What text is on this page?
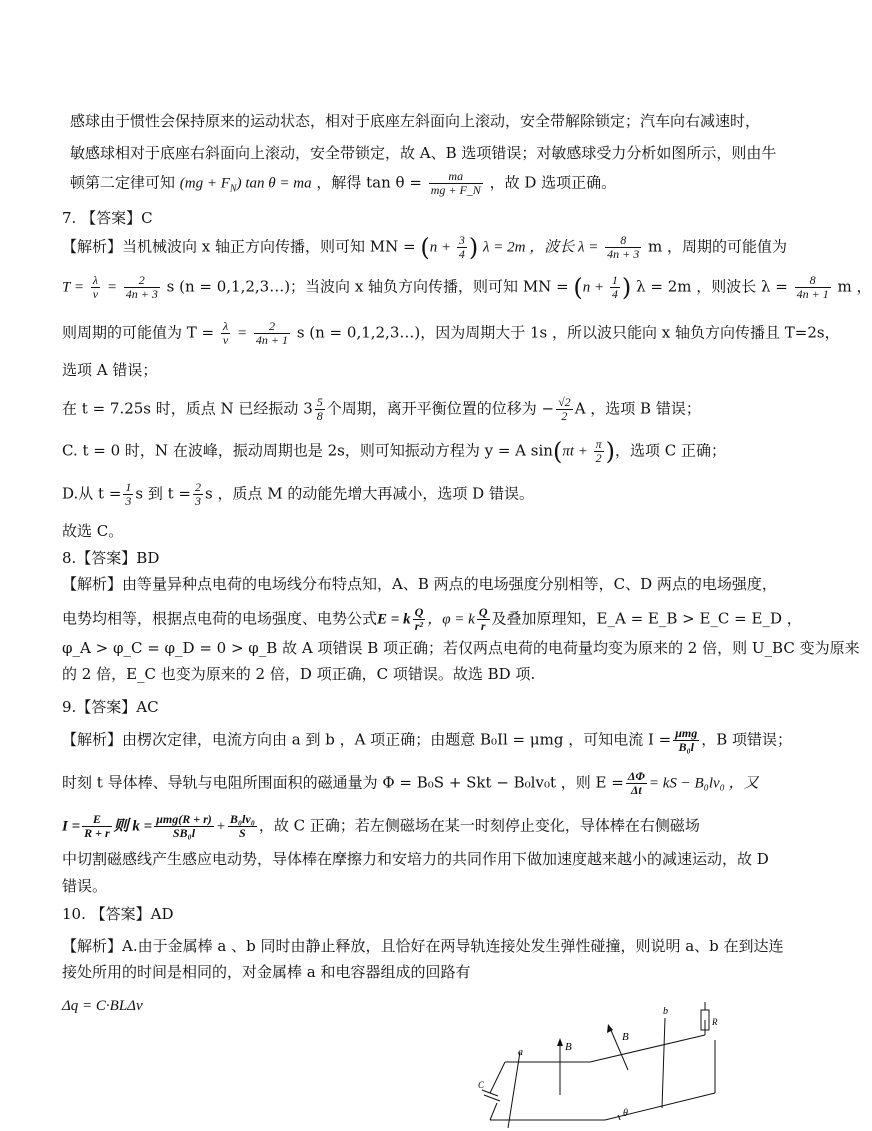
感球由于惯性会保持原来的运动状态，相对于底座左斜面向上滚动，安全带解除锁定；汽车向右减速时，
敏感球相对于底座右斜面向上滚动，安全带锁定，故 A、B 选项错误；对敏感球受力分析如图所示，则由牛
顿第二定律可知 $(mg + F_N)$ tan θ = ma ，解得 $\tan \theta = \frac{ma}{mg + F\_N}$ ，故 D 选项正确。
7. 【答案】C
【解析】当机械波向 x 轴正方向传播，则可知 MN = ($n + \frac{3}{4}$ ) λ = 2m ，波长 $\lambda = \frac{8}{4n + 3}$ m ，周期的可能值为
$T = \frac{\lambda}{v} = \frac{2}{4n + 3}$ s (n = 0,1,2,3…)；当波向 x 轴负方向传播，则可知 MN = ($n + \frac{1}{4}$ ) λ = 2m ，则波长 $\lambda = \frac{8}{4n + 1}$ m ，
则周期的可能值为 $T = \frac{\lambda}{v} = \frac{2}{4n + 1}$ s (n = 0,1,2,3…)，因为周期大于 1s ，所以波只能向 x 轴负方向传播且 T=2s，
选项 A 错误；
在 t = 7.25s 时，质点 N 已经振动 $3 \frac{5}{8}$ 个周期，离开平衡位置的位移为 − $\frac{√2}{2}$ A ，选项 B 错误；
C. t = 0 时，N 在波峰，振动周期也是 2s，则可知振动方程为 y = A $\sin(\pi t + \frac{\pi}{2}$ )，选项 C 正确；
D.从 $t = \frac{1}{3}$ s 到 $t = \frac{2}{3}$ s ，质点 M 的动能先增大再减小，选项 D 错误。
故选 C。
8.【答案】BD
【解析】由等量异种点电荷的电场线分布特点知，A、B 两点的电场强度分别相等，C、D 两点的电场强度，
电势均相等，根据点电荷的电场强度、电势公式E = k $\frac{Q}{\text{r²}}$ ，φ = k $\frac{Q}{r}$ 及叠加原理知，E_A = E_B > E_C = E_D ，
φ_A > φ_C = φ_D = 0 > φ_B 故 A 项错误 B 项正确；若仅两点电荷的电荷量均变为原来的 2 倍，则 U_BC 变为原来
的 2 倍，E_C 也变为原来的 2 倍，D 项正确，C 项错误。故选 BD 项.
9.【答案】AC
【解析】由楞次定律，电流方向由 a 到 b ，A 项正确；由题意 B₀Il = μmg ，可知电流 $I = \frac{\text{μmg}}{\text{B₀l}}$ ，B 项错误；
时刻 t 导体棒、导轨与电阻所围面积的磁通量为 Φ = B₀S + Skt − B₀lv₀t ，则 $E = \frac{\Delta\Phi}{\Delta t}$ = kS − B₀lv₀ ，又
$I = \frac{E}{R + r}$ 则 $k = \frac{\text{μmg(R + r)}}{\text{SB₀l}} + \frac{\text{B₀lv₀}}{S}$ ，故 C 正确；若左侧磁场在某一时刻停止变化，导体棒在右侧磁场
中切割磁感线产生感应电动势，导体棒在摩擦力和安培力的共同作用下做加速度越来越小的减速运动，故 D
错误。
10. 【答案】AD
【解析】A.由于金属棒 a 、b 同时由静止释放，且恰好在两导轨连接处发生弹性碰撞，则说明 a、b 在到达连
接处所用的时间是相同的，对金属棒 a 和电容器组成的回路有
Δq = C·BLΔv
B
B
a
b
C
R
θ
